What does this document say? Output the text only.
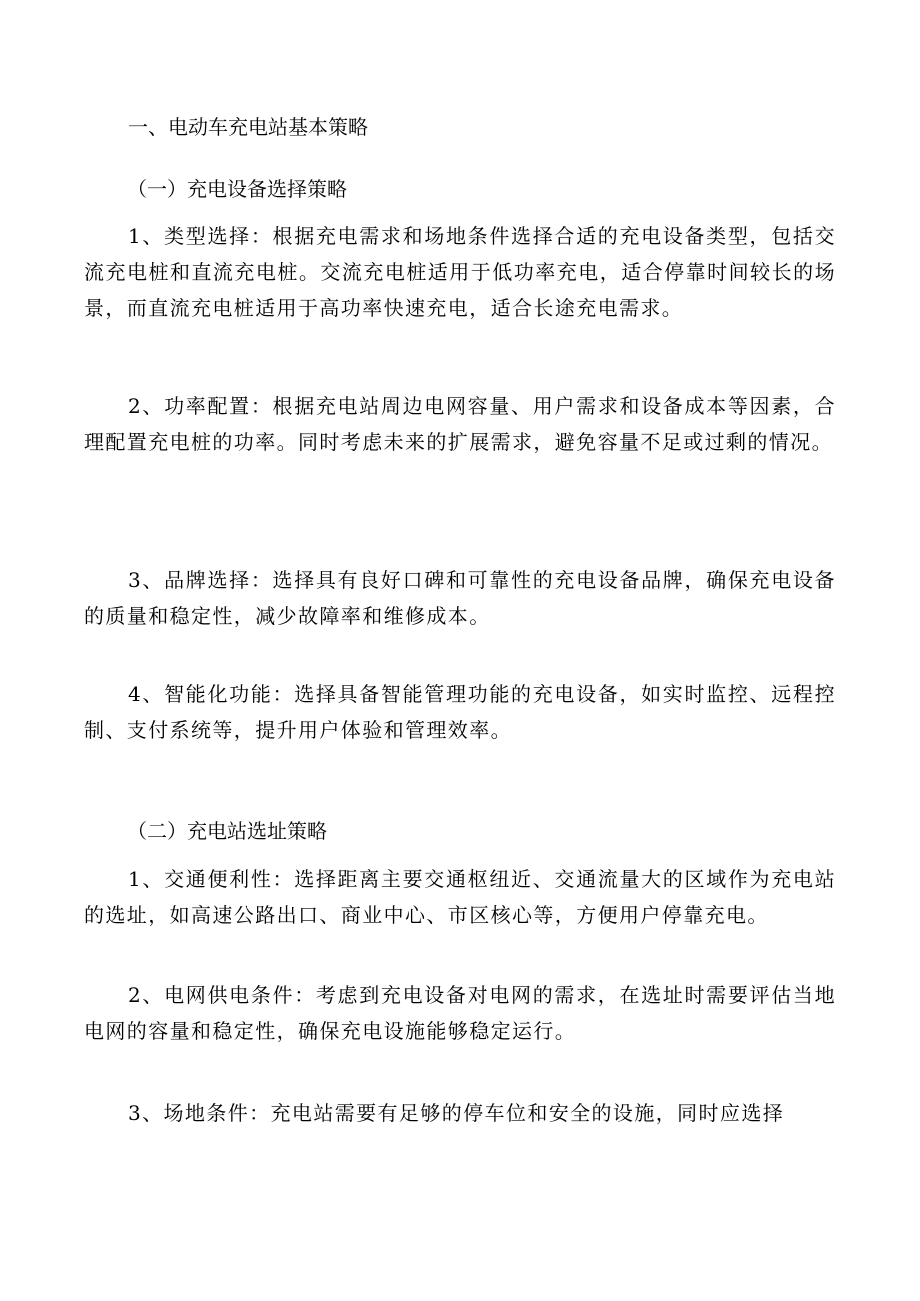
一、电动车充电站基本策略
（一）充电设备选择策略

1、类型选择：根据充电需求和场地条件选择合适的充电设备类型，包括交流充电桩和直流充电桩。交流充电桩适用于低功率充电，适合停靠时间较长的场景，而直流充电桩适用于高功率快速充电，适合长途充电需求。

2、功率配置：根据充电站周边电网容量、用户需求和设备成本等因素，合理配置充电桩的功率。同时考虑未来的扩展需求，避免容量不足或过剩的情况。

3、品牌选择：选择具有良好口碑和可靠性的充电设备品牌，确保充电设备的质量和稳定性，减少故障率和维修成本。

4、智能化功能：选择具备智能管理功能的充电设备，如实时监控、远程控制、支付系统等，提升用户体验和管理效率。

（二）充电站选址策略

1、交通便利性：选择距离主要交通枢纽近、交通流量大的区域作为充电站的选址，如高速公路出口、商业中心、市区核心等，方便用户停靠充电。

2、电网供电条件：考虑到充电设备对电网的需求，在选址时需要评估当地电网的容量和稳定性，确保充电设施能够稳定运行。

3、场地条件：充电站需要有足够的停车位和安全的设施，同时应选择
